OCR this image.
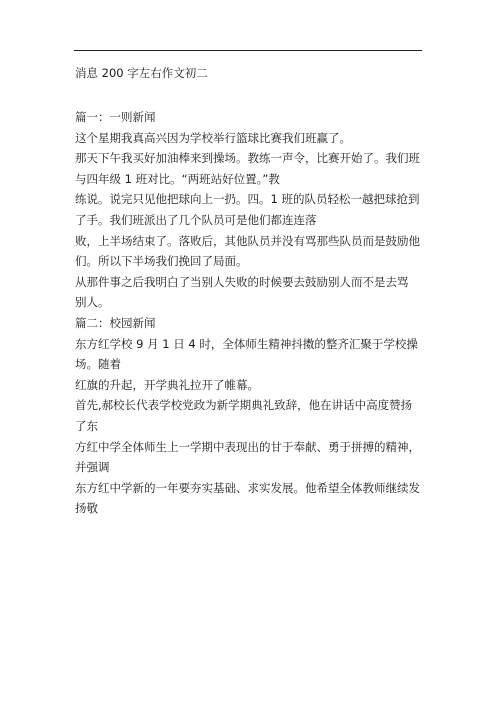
消息 200 字左右作文初二

篇一：一则新闻

这个星期我真高兴因为学校举行篮球比赛我们班赢了。

那天下午我买好加油棒来到操场。教练一声令，比赛开始了。我们班

与四年级 1 班对比。“两班站好位置。”教

练说。说完只见他把球向上一扔。四。1 班的队员轻松一越把球抢到

了手。我们班派出了几个队员可是他们都连连落

败，上半场结束了。落败后，其他队员并没有骂那些队员而是鼓励他

们。所以下半场我们挽回了局面。

从那件事之后我明白了当别人失败的时候要去鼓励别人而不是去骂

别人。

篇二：校园新闻

东方红学校 9 月 1 日 4 时，全体师生精神抖擞的整齐汇聚于学校操

场。随着

红旗的升起，开学典礼拉开了帷幕。

首先,郝校长代表学校党政为新学期典礼致辞，他在讲话中高度赞扬

了东

方红中学全体师生上一学期中表现出的甘于奉献、勇于拼搏的精神，

并强调

东方红中学新的一年要夯实基础、求实发展。他希望全体教师继续发

扬敬
